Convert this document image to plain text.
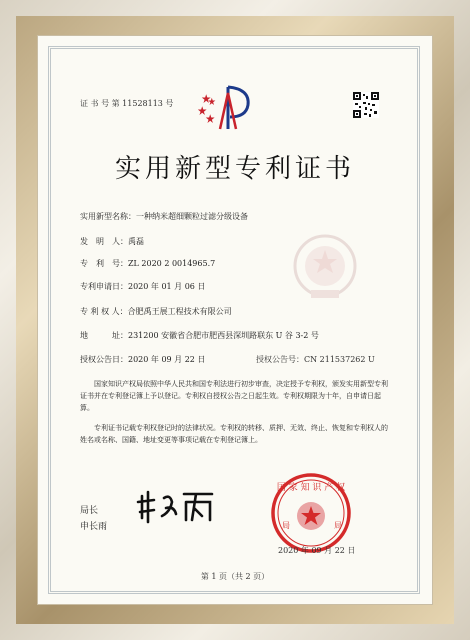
证 书 号 第 11528113 号
实用新型专利证书
实用新型名称：一种纳米超细颗粒过滤分级设备
发　明　人：禹磊
专　利　号：ZL 2020 2 0014965.7
专利申请日：2020 年 01 月 06 日
专 利 权 人：合肥禹王展工程技术有限公司
地　　　址：231200 安徽省合肥市肥西县深圳路联东 U 谷 3-2 号
授权公告日：2020 年 09 月 22 日	授权公告号：CN 211537262 U
国家知识产权局依照中华人民共和国专利法进行初步审查，决定授予专利权，颁发实用新型专利证书并在专利登记簿上予以登记。专利权自授权公告之日起生效。专利权期限为十年，自申请日起算。
专利证书记载专利权登记时的法律状况。专利权的转移、质押、无效、终止、恢复和专利权人的姓名或名称、国籍、地址变更等事项记载在专利登记簿上。
局长
申长雨
国 家 知 识 产 权
局	局
2020 年 09 月 22 日
第 1 页（共 2 页）
